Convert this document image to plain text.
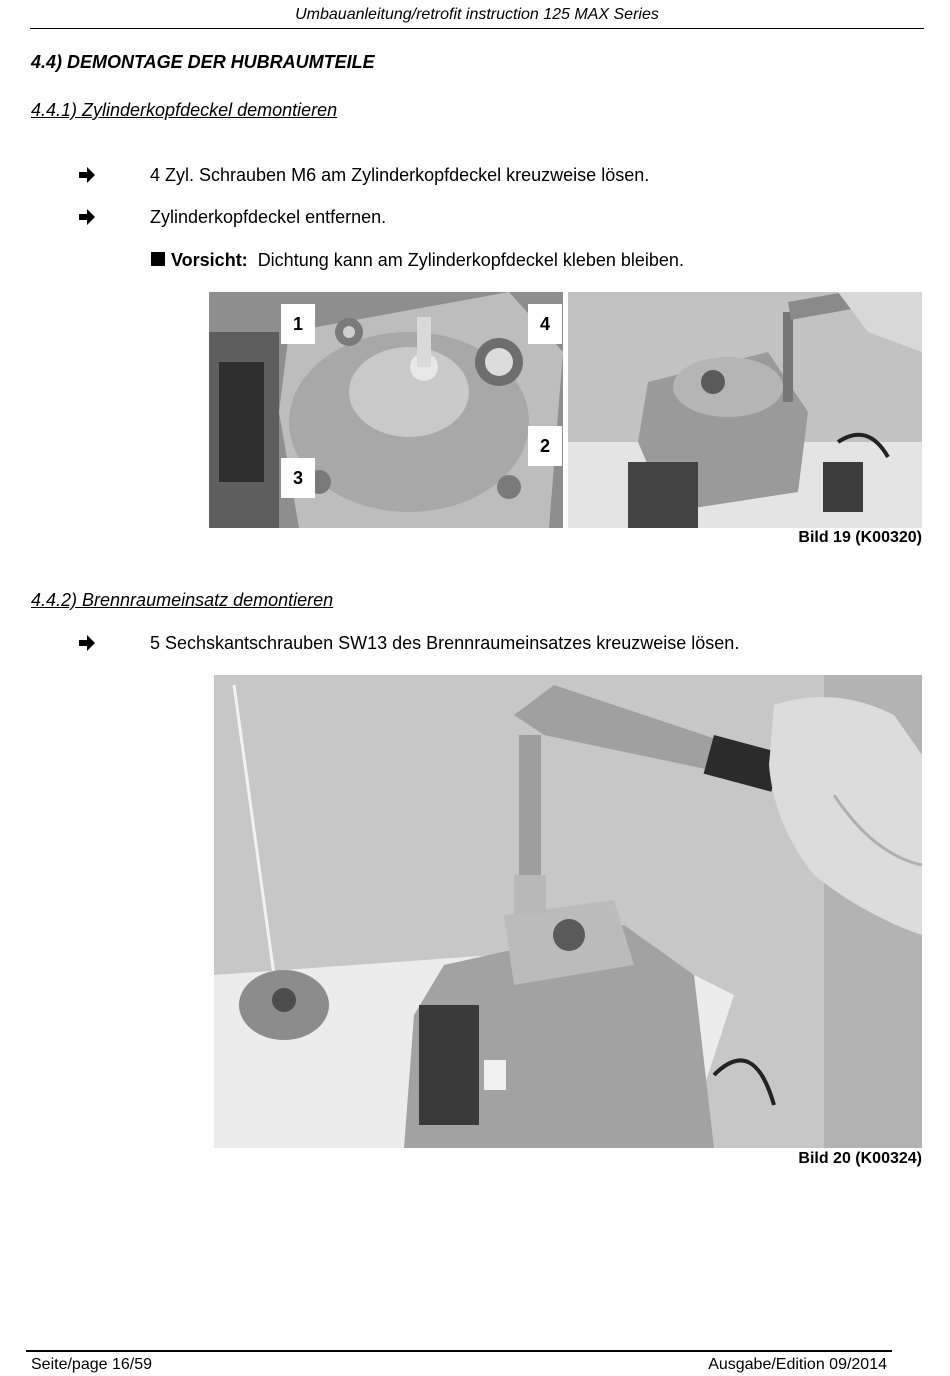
Umbauanleitung/retrofit instruction 125 MAX Series
4.4) DEMONTAGE DER HUBRAUMTEILE
4.4.1) Zylinderkopfdeckel demontieren
4 Zyl. Schrauben M6 am Zylinderkopfdeckel kreuzweise lösen.
Zylinderkopfdeckel entfernen.
Vorsicht: Dichtung kann am Zylinderkopfdeckel kleben bleiben.
1	4
2
3
Bild 19 (K00320)
4.4.2) Brennraumeinsatz demontieren
5 Sechskantschrauben SW13 des Brennraumeinsatzes kreuzweise lösen.
Bild 20 (K00324)
Seite/page 16/59	Ausgabe/Edition 09/2014
